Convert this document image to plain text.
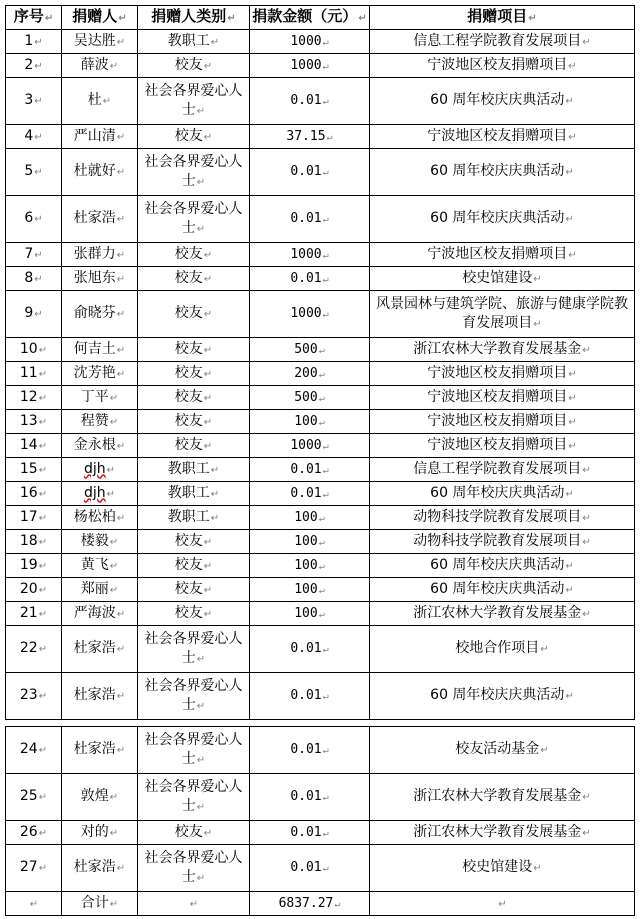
序号↵	捐赠人↵	捐赠人类别↵	捐款金额（元）↵	捐赠项目↵
1↵	吴达胜↵	教职工↵	1000↵	信息工程学院教育发展项目↵
2↵	薛波↵	校友↵	1000↵	宁波地区校友捐赠项目↵
3↵	杜↵	社会各界爱心人士↵	0.01↵	60 周年校庆庆典活动↵
4↵	严山清↵	校友↵	37.15↵	宁波地区校友捐赠项目↵
5↵	杜就好↵	社会各界爱心人士↵	0.01↵	60 周年校庆庆典活动↵
6↵	杜家浩↵	社会各界爱心人士↵	0.01↵	60 周年校庆庆典活动↵
7↵	张群力↵	校友↵	1000↵	宁波地区校友捐赠项目↵
8↵	张旭东↵	校友↵	0.01↵	校史馆建设↵
9↵	俞晓芬↵	校友↵	1000↵	风景园林与建筑学院、旅游与健康学院教育发展项目↵
10↵	何吉土↵	校友↵	500↵	浙江农林大学教育发展基金↵
11↵	沈芳艳↵	校友↵	200↵	宁波地区校友捐赠项目↵
12↵	丁平↵	校友↵	500↵	宁波地区校友捐赠项目↵
13↵	程赞↵	校友↵	100↵	宁波地区校友捐赠项目↵
14↵	金永根↵	校友↵	1000↵	宁波地区校友捐赠项目↵
15↵	djh↵	教职工↵	0.01↵	信息工程学院教育发展项目↵
16↵	djh↵	教职工↵	0.01↵	60 周年校庆庆典活动↵
17↵	杨松柏↵	教职工↵	100↵	动物科技学院教育发展项目↵
18↵	楼毅↵	校友↵	100↵	动物科技学院教育发展项目↵
19↵	黄飞↵	校友↵	100↵	60 周年校庆庆典活动↵
20↵	郑丽↵	校友↵	100↵	60 周年校庆庆典活动↵
21↵	严海波↵	校友↵	100↵	浙江农林大学教育发展基金↵
22↵	杜家浩↵	社会各界爱心人士↵	0.01↵	校地合作项目↵
23↵	杜家浩↵	社会各界爱心人士↵	0.01↵	60 周年校庆庆典活动↵

24↵	杜家浩↵	社会各界爱心人士↵	0.01↵	校友活动基金↵
25↵	敦煌↵	社会各界爱心人士↵	0.01↵	浙江农林大学教育发展基金↵
26↵	对的↵	校友↵	0.01↵	浙江农林大学教育发展基金↵
27↵	杜家浩↵	社会各界爱心人士↵	0.01↵	校史馆建设↵
↵	合计↵	↵	6837.27↵	↵
